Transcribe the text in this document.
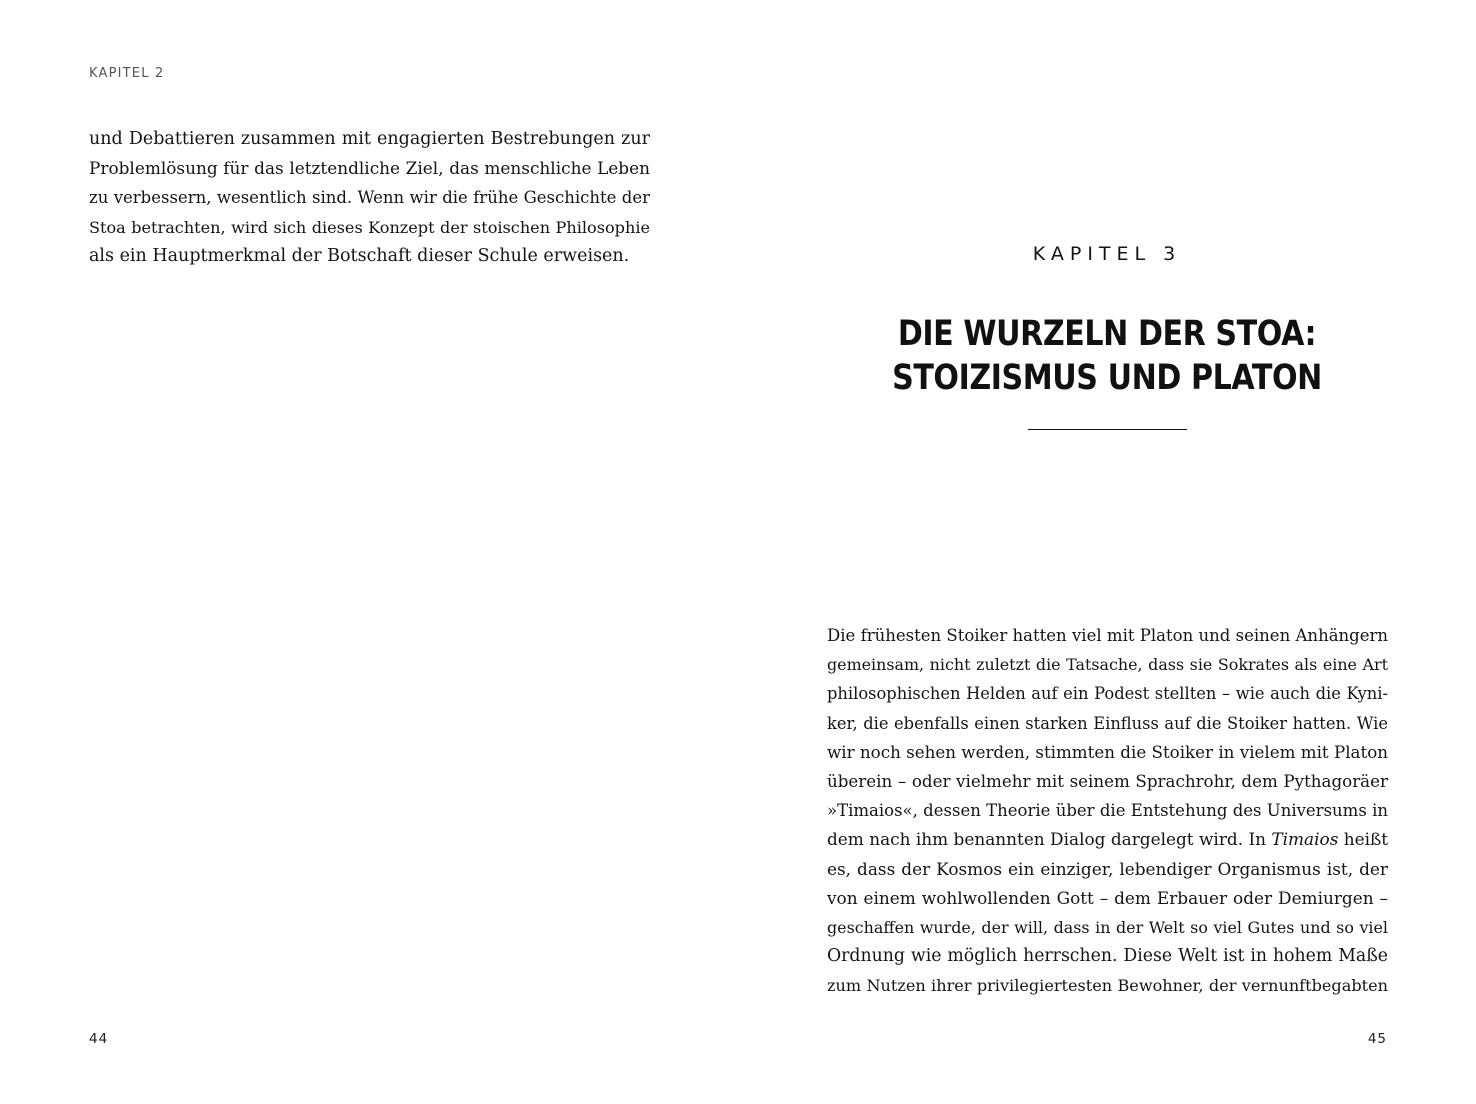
KAPITEL 2
und Debattieren zusammen mit engagierten Bestrebungen zur
Problemlösung für das letztendliche Ziel, das menschliche Leben
zu verbessern, wesentlich sind. Wenn wir die frühe Geschichte der
Stoa betrachten, wird sich dieses Konzept der stoischen Philosophie
als ein Hauptmerkmal der Botschaft dieser Schule erweisen.
44
KAPITEL 3
DIE WURZELN DER STOA:
STOIZISMUS UND PLATON
Die frühesten Stoiker hatten viel mit Platon und seinen Anhängern
gemeinsam, nicht zuletzt die Tatsache, dass sie Sokrates als eine Art
philosophischen Helden auf ein Podest stellten – wie auch die Kyni-
ker, die ebenfalls einen starken Einfluss auf die Stoiker hatten. Wie
wir noch sehen werden, stimmten die Stoiker in vielem mit Platon
überein – oder vielmehr mit seinem Sprachrohr, dem Pythagoräer
»Timaios«, dessen Theorie über die Entstehung des Universums in
dem nach ihm benannten Dialog dargelegt wird. In Timaios heißt
es, dass der Kosmos ein einziger, lebendiger Organismus ist, der
von einem wohlwollenden Gott – dem Erbauer oder Demiurgen –
geschaffen wurde, der will, dass in der Welt so viel Gutes und so viel
Ordnung wie möglich herrschen. Diese Welt ist in hohem Maße
zum Nutzen ihrer privilegiertesten Bewohner, der vernunftbegabten
45
